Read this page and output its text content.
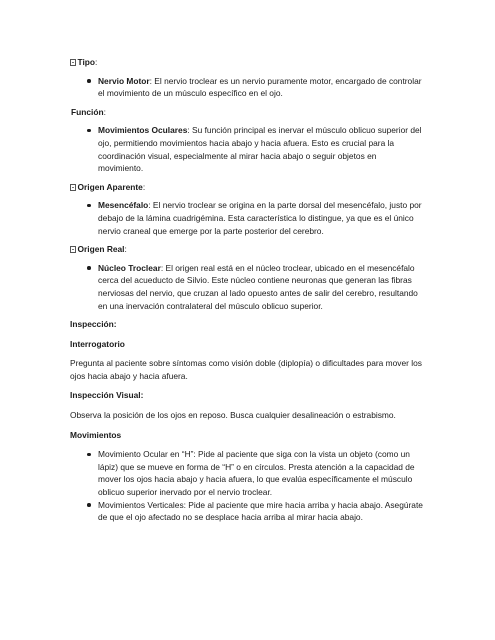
Tipo :
Nervio Motor: El nervio troclear es un nervio puramente motor, encargado de controlar el movimiento de un músculo específico en el ojo.
Función :
Movimientos Oculares: Su función principal es inervar el músculo oblicuo superior del ojo, permitiendo movimientos hacia abajo y hacia afuera. Esto es crucial para la coordinación visual, especialmente al mirar hacia abajo o seguir objetos en movimiento.
Origen Aparente :
Mesencéfalo: El nervio troclear se origina en la parte dorsal del mesencéfalo, justo por debajo de la lámina cuadrigémina. Esta característica lo distingue, ya que es el único nervio craneal que emerge por la parte posterior del cerebro.
Origen Real :
Núcleo Troclear: El origen real está en el núcleo troclear, ubicado en el mesencéfalo cerca del acueducto de Silvio. Este núcleo contiene neuronas que generan las fibras nerviosas del nervio, que cruzan al lado opuesto antes de salir del cerebro, resultando en una inervación contralateral del músculo oblicuo superior.
Inspección:
Interrogatorio
Pregunta al paciente sobre síntomas como visión doble (diplopía) o dificultades para mover los ojos hacia abajo y hacia afuera.
Inspección Visual:
Observa la posición de los ojos en reposo. Busca cualquier desalineación o estrabismo.
Movimientos
Movimiento Ocular en “H”: Pide al paciente que siga con la vista un objeto (como un lápiz) que se mueve en forma de “H” o en círculos. Presta atención a la capacidad de mover los ojos hacia abajo y hacia afuera, lo que evalúa específicamente el músculo oblicuo superior inervado por el nervio troclear.
Movimientos Verticales: Pide al paciente que mire hacia arriba y hacia abajo. Asegúrate de que el ojo afectado no se desplace hacia arriba al mirar hacia abajo.
